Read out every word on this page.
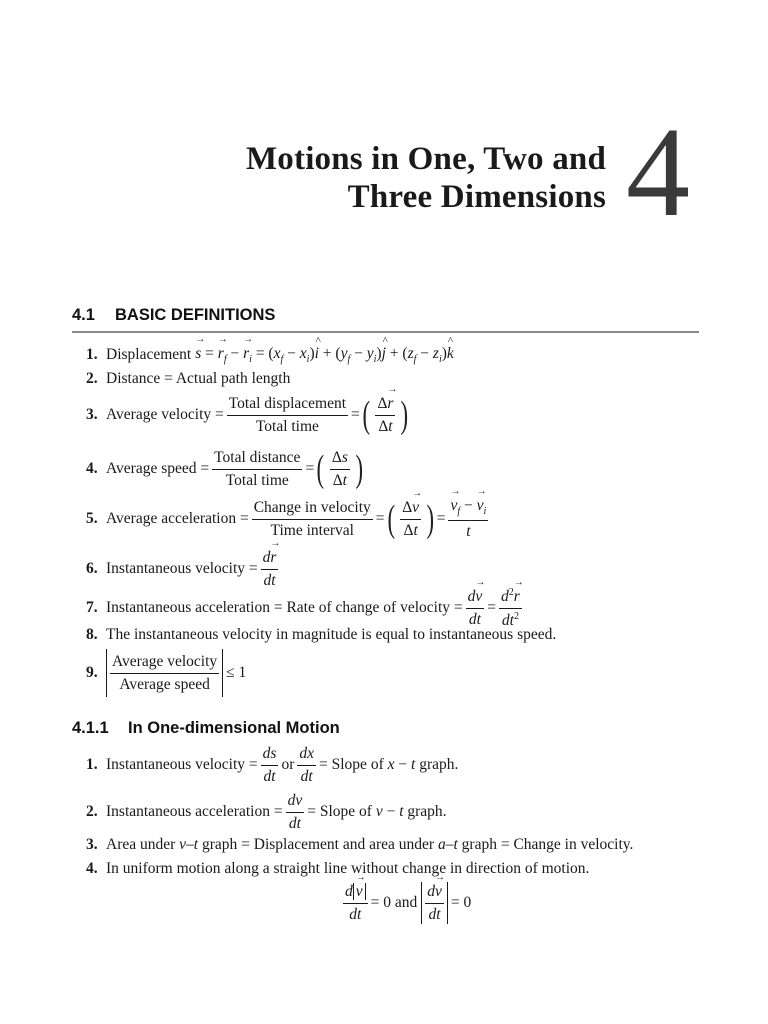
Motions in One, Two and
Three Dimensions 4
4.1 BASIC DEFINITIONS
1. Displacement → s = → $r_f$ − → $r_i = (x_f$ − $x_i)\^{}$ $i + (y_f$ − $y_i)\^{}$ $j + (z_f$ − $z_i)\^{}$ k
2. Distance = Actual path length
3. Average velocity = $\frac{\text{Total displacement}}{\text{Total time}}$ = ( $\frac{\Delta\to r}{\Delta t}$ )
4. Average speed = $\frac{\text{Total distance}}{\text{Total time}}$ = ( $\frac{\Delta s}{\Delta t}$ )
5. Average acceleration = $\frac{\text{Change in velocity}}{\text{Time interval}}$ = ( $\frac{\Delta\to v}{\Delta t}$ ) = → $\frac{v_f - \to v_i}{t}$
6. Instantaneous velocity = $\frac{d\to r}{dt}$
7. Instantaneous acceleration = Rate of change of velocity = $\frac{d\to v}{dt} = \frac{d^2\to r}{dt^2}$
8. The instantaneous velocity in magnitude is equal to instantaneous speed.
9. $\frac{\text{Average velocity}}{\text{Average speed}} \le 1$
4.1.1 In One-dimensional Motion
1. Instantaneous velocity = $\frac{ds}{dt}$ or $\frac{dx}{dt}$ = Slope of
x − t
graph.
2. Instantaneous acceleration = $\frac{dv}{dt}$ = Slope of
v − t
graph.
3. Area under
v – t
graph = Displacement and area under
a – t
graph = Change in velocity.
4. In uniform motion along a straight line without change in direction of motion.
$\frac{d \to v}{dt} = 0$ and $\frac{d\to v}{dt} = 0$
